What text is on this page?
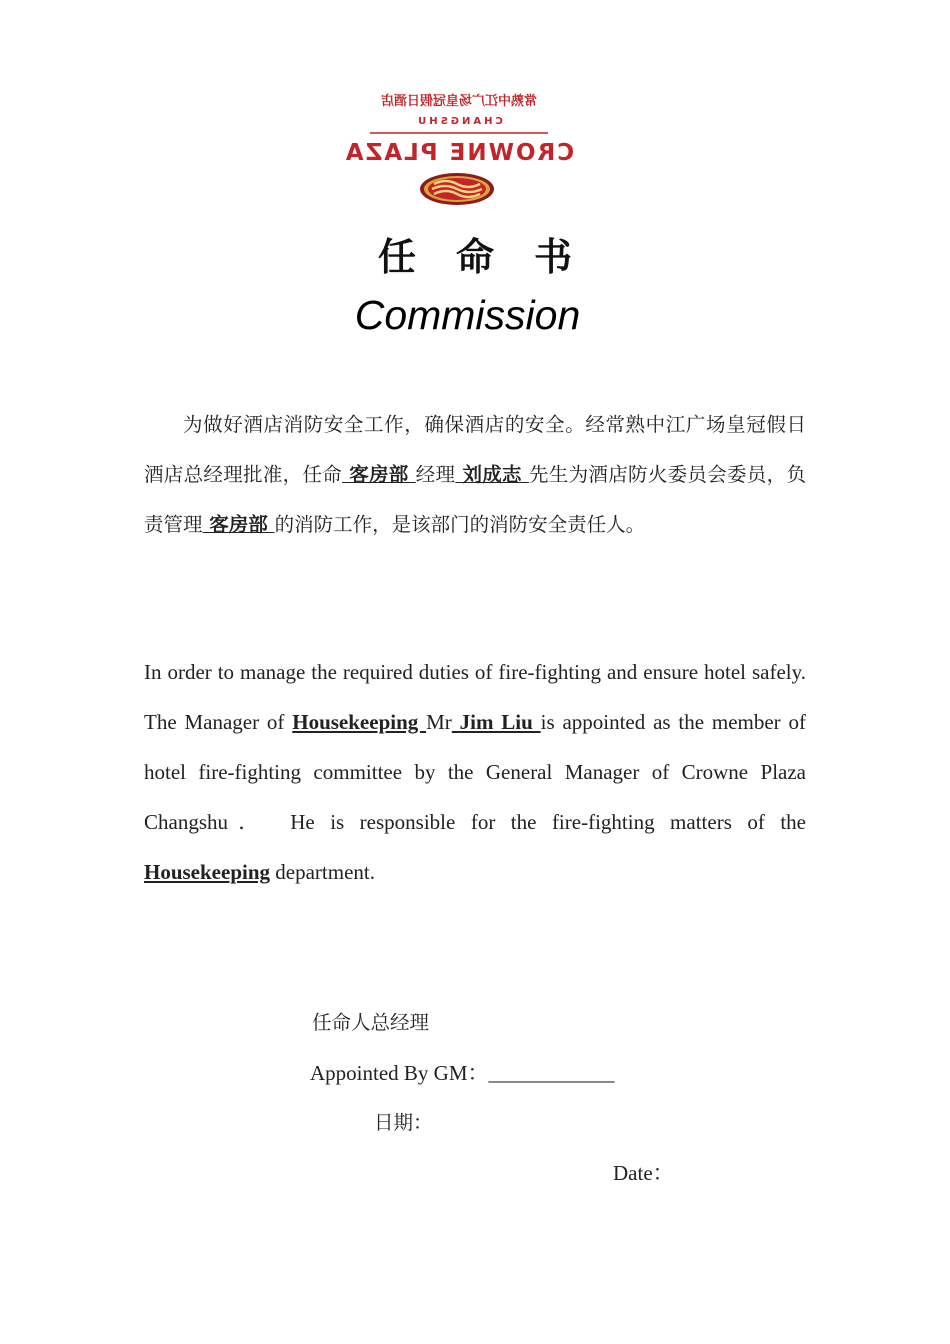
常熟中江广场皇冠假日酒店
CHANGSHU
CROWNE PLAZA
任命书
Commission
为做好酒店消防安全工作，确保酒店的安全。经常熟中江广场皇冠假日酒店总经理批准，任命 客房部 经理 刘成志 先生为酒店防火委员会委员，负责管理 客房部 的消防工作，是该部门的消防安全责任人。
In order to manage the required duties of fire-fighting and ensure hotel safely. The Manager of Housekeeping Mr Jim Liu is appointed as the member of hotel fire-fighting committee by the General Manager of Crowne Plaza Changshu．　He is responsible for the fire-fighting matters of the Housekeeping department.
任命人总经理
Appointed By GM：____________
日期：
Date：
